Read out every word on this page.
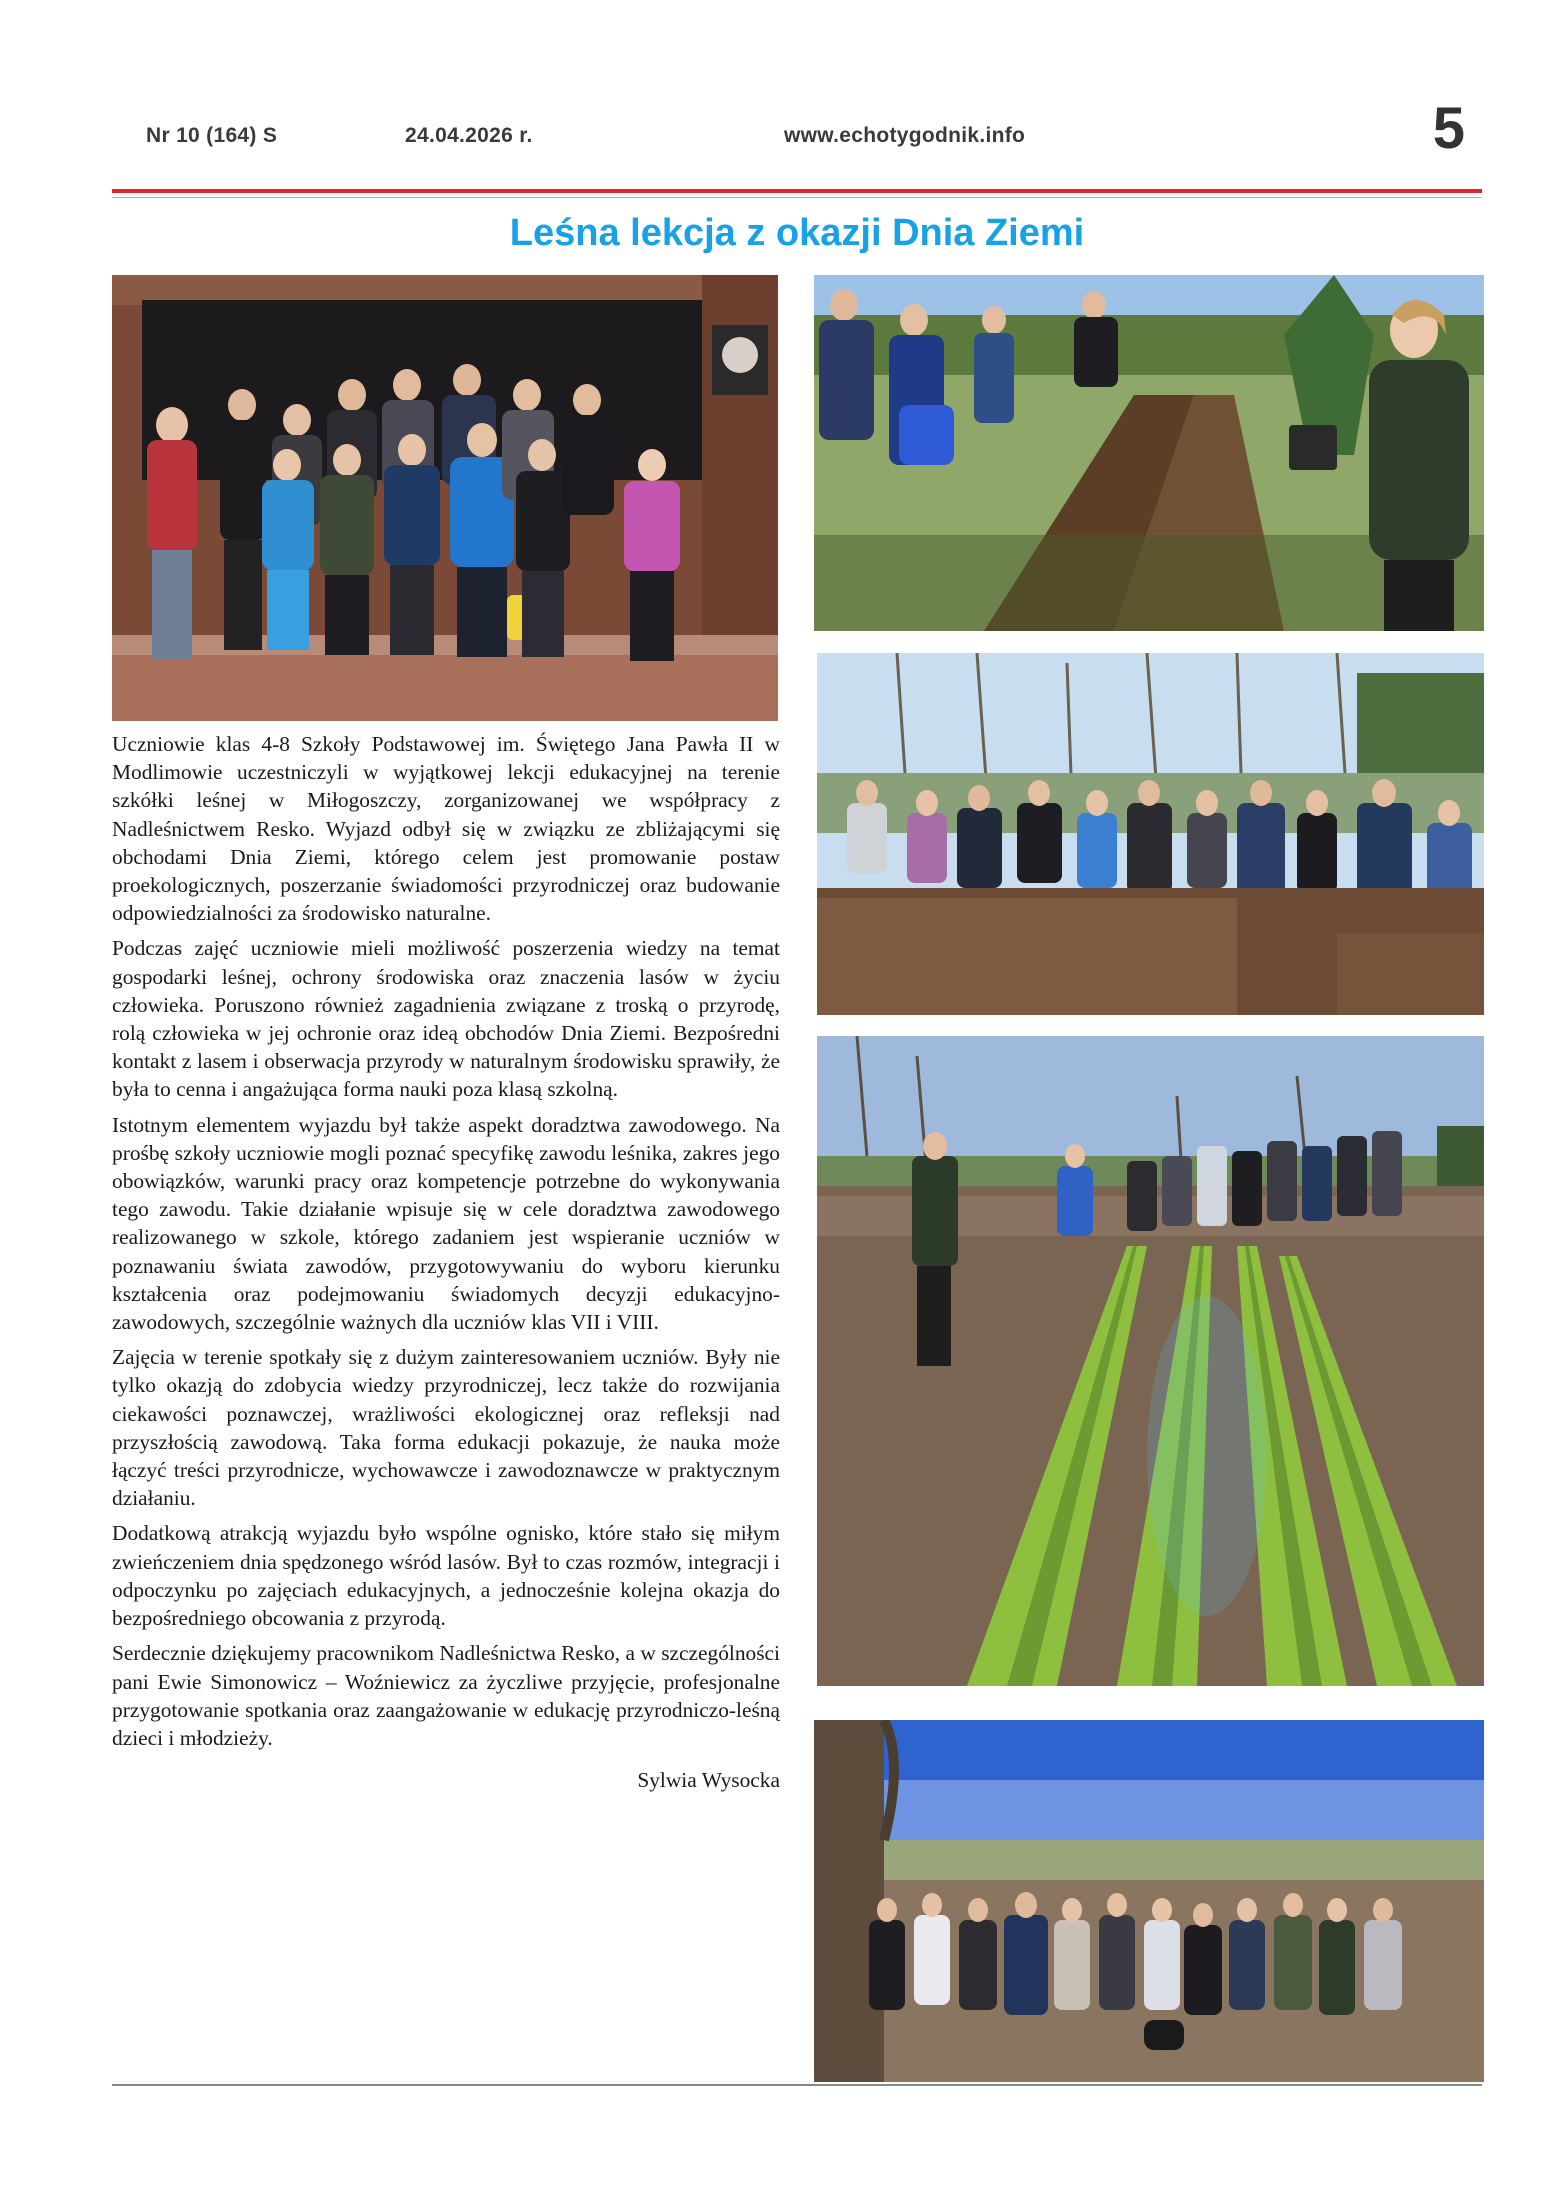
Nr 10 (164) S	24.04.2026 r.	www.echotygodnik.info	5
Leśna lekcja z okazji Dnia Ziemi

Uczniowie klas 4-8 Szkoły Podstawowej im. Świętego Jana Pawła II w Modlimowie uczestniczyli w wyjątkowej lekcji edukacyjnej na terenie szkółki leśnej w Miłogoszczy, zorganizowanej we współpracy z Nadleśnictwem Resko. Wyjazd odbył się w związku ze zbliżającymi się obchodami Dnia Ziemi, którego celem jest promowanie postaw proekologicznych, poszerzanie świadomości przyrodniczej oraz budowanie odpowiedzialności za środowisko naturalne.

Podczas zajęć uczniowie mieli możliwość poszerzenia wiedzy na temat gospodarki leśnej, ochrony środowiska oraz znaczenia lasów w życiu człowieka. Poruszono również zagadnienia związane z troską o przyrodę, rolą człowieka w jej ochronie oraz ideą obchodów Dnia Ziemi. Bezpośredni kontakt z lasem i obserwacja przyrody w naturalnym środowisku sprawiły, że była to cenna i angażująca forma nauki poza klasą szkolną.

Istotnym elementem wyjazdu był także aspekt doradztwa zawodowego. Na prośbę szkoły uczniowie mogli poznać specyfikę zawodu leśnika, zakres jego obowiązków, warunki pracy oraz kompetencje potrzebne do wykonywania tego zawodu. Takie działanie wpisuje się w cele doradztwa zawodowego realizowanego w szkole, którego zadaniem jest wspieranie uczniów w poznawaniu świata zawodów, przygotowywaniu do wyboru kierunku kształcenia oraz podejmowaniu świadomych decyzji edukacyjno-zawodowych, szczególnie ważnych dla uczniów klas VII i VIII.

Zajęcia w terenie spotkały się z dużym zainteresowaniem uczniów. Były nie tylko okazją do zdobycia wiedzy przyrodniczej, lecz także do rozwijania ciekawości poznawczej, wrażliwości ekologicznej oraz refleksji nad przyszłością zawodową. Taka forma edukacji pokazuje, że nauka może łączyć treści przyrodnicze, wychowawcze i zawodoznawcze w praktycznym działaniu.

Dodatkową atrakcją wyjazdu było wspólne ognisko, które stało się miłym zwieńczeniem dnia spędzonego wśród lasów. Był to czas rozmów, integracji i odpoczynku po zajęciach edukacyjnych, a jednocześnie kolejna okazja do bezpośredniego obcowania z przyrodą.

Serdecznie dziękujemy pracownikom Nadleśnictwa Resko, a w szczególności pani Ewie Simonowicz – Woźniewicz za życzliwe przyjęcie, profesjonalne przygotowanie spotkania oraz zaangażowanie w edukację przyrodniczo-leśną dzieci i młodzieży.

Sylwia Wysocka
